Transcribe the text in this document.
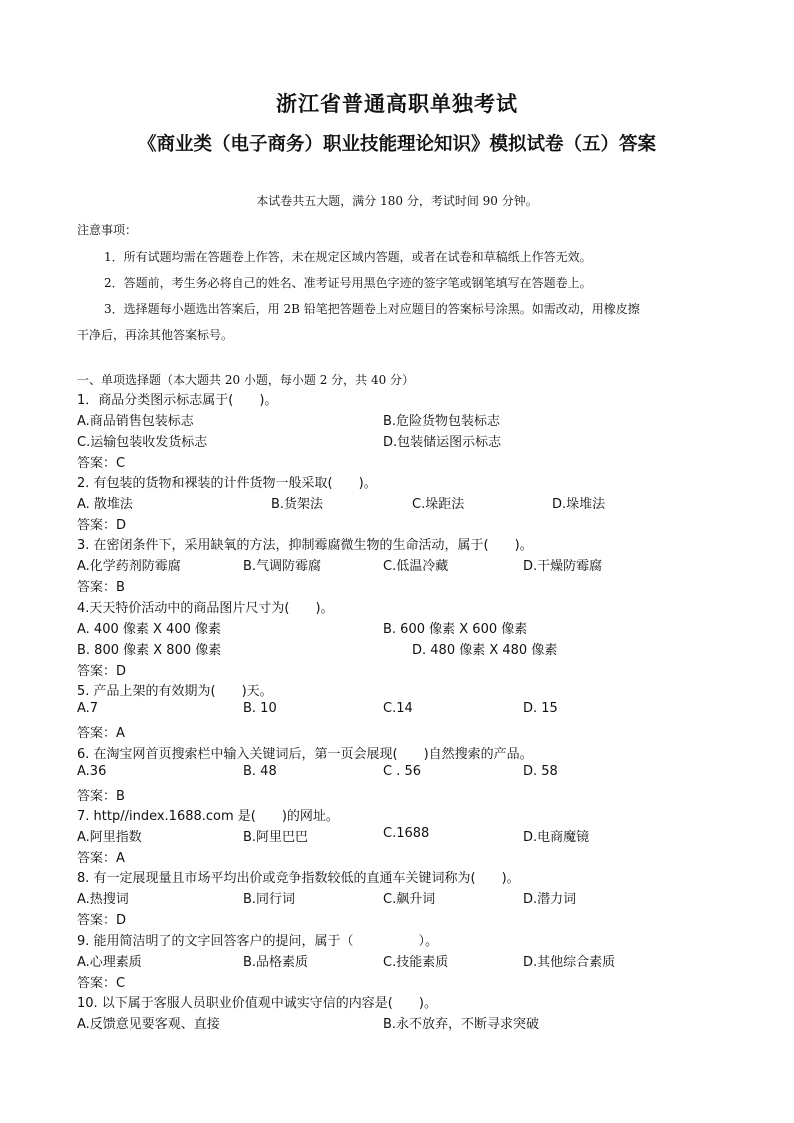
浙江省普通高职单独考试
《商业类（电子商务）职业技能理论知识》模拟试卷（五）答案
本试卷共五大题，满分 180 分，考试时间 90 分钟。
注意事项：
1．所有试题均需在答题卷上作答，未在规定区域内答题，或者在试卷和草稿纸上作答无效。
2．答题前，考生务必将自己的姓名、准考证号用黑色字迹的签字笔或钢笔填写在答题卷上。
3．选择题每小题选出答案后，用 2B 铅笔把答题卷上对应题目的答案标号涂黑。如需改动，用橡皮擦
干净后，再涂其他答案标号。
一、单项选择题（本大题共 20 小题，每小题 2 分，共 40 分）
1．商品分类图示标志属于(　　)。
A.商品销售包装标志	B.危险货物包装标志
C.运输包装收发货标志	D.包装储运图示标志
答案：C
2. 有包装的货物和裸装的计件货物一般采取(　　)。
A. 散堆法	B.货架法	C.垛距法	D.垛堆法
答案：D
3. 在密闭条件下，采用缺氧的方法，抑制霉腐微生物的生命活动，属于(　　)。
A.化学药剂防霉腐	B.气调防霉腐	C.低温冷藏	D.干燥防霉腐
答案：B
4.天天特价活动中的商品图片尺寸为(　　)。
A. 400 像素 X 400 像素	B. 600 像素 X 600 像素
B. 800 像素 X 800 像素	D. 480 像素 X 480 像素
答案：D
5. 产品上架的有效期为(　　)天。
A.7	B. 10	C.14	D. 15
答案：A
6. 在淘宝网首页搜索栏中输入关键词后，第一页会展现(　　)自然搜索的产品。
A.36	B. 48	C . 56	D. 58
答案：B
7. http//index.1688.com 是(　　)的网址。
A.阿里指数	B.阿里巴巴	C.1688	D.电商魔镜
答案：A
8. 有一定展现量且市场平均出价或竞争指数较低的直通车关键词称为(　　)。
A.热搜词	B.同行词	C.飙升词	D.潜力词
答案：D
9. 能用简洁明了的文字回答客户的提问，属于（　　　　　）。
A.心理素质	B.品格素质	C.技能素质	D.其他综合素质
答案：C
10. 以下属于客服人员职业价值观中诚实守信的内容是(　　)。
A.反馈意见要客观、直接	B.永不放弃，不断寻求突破
